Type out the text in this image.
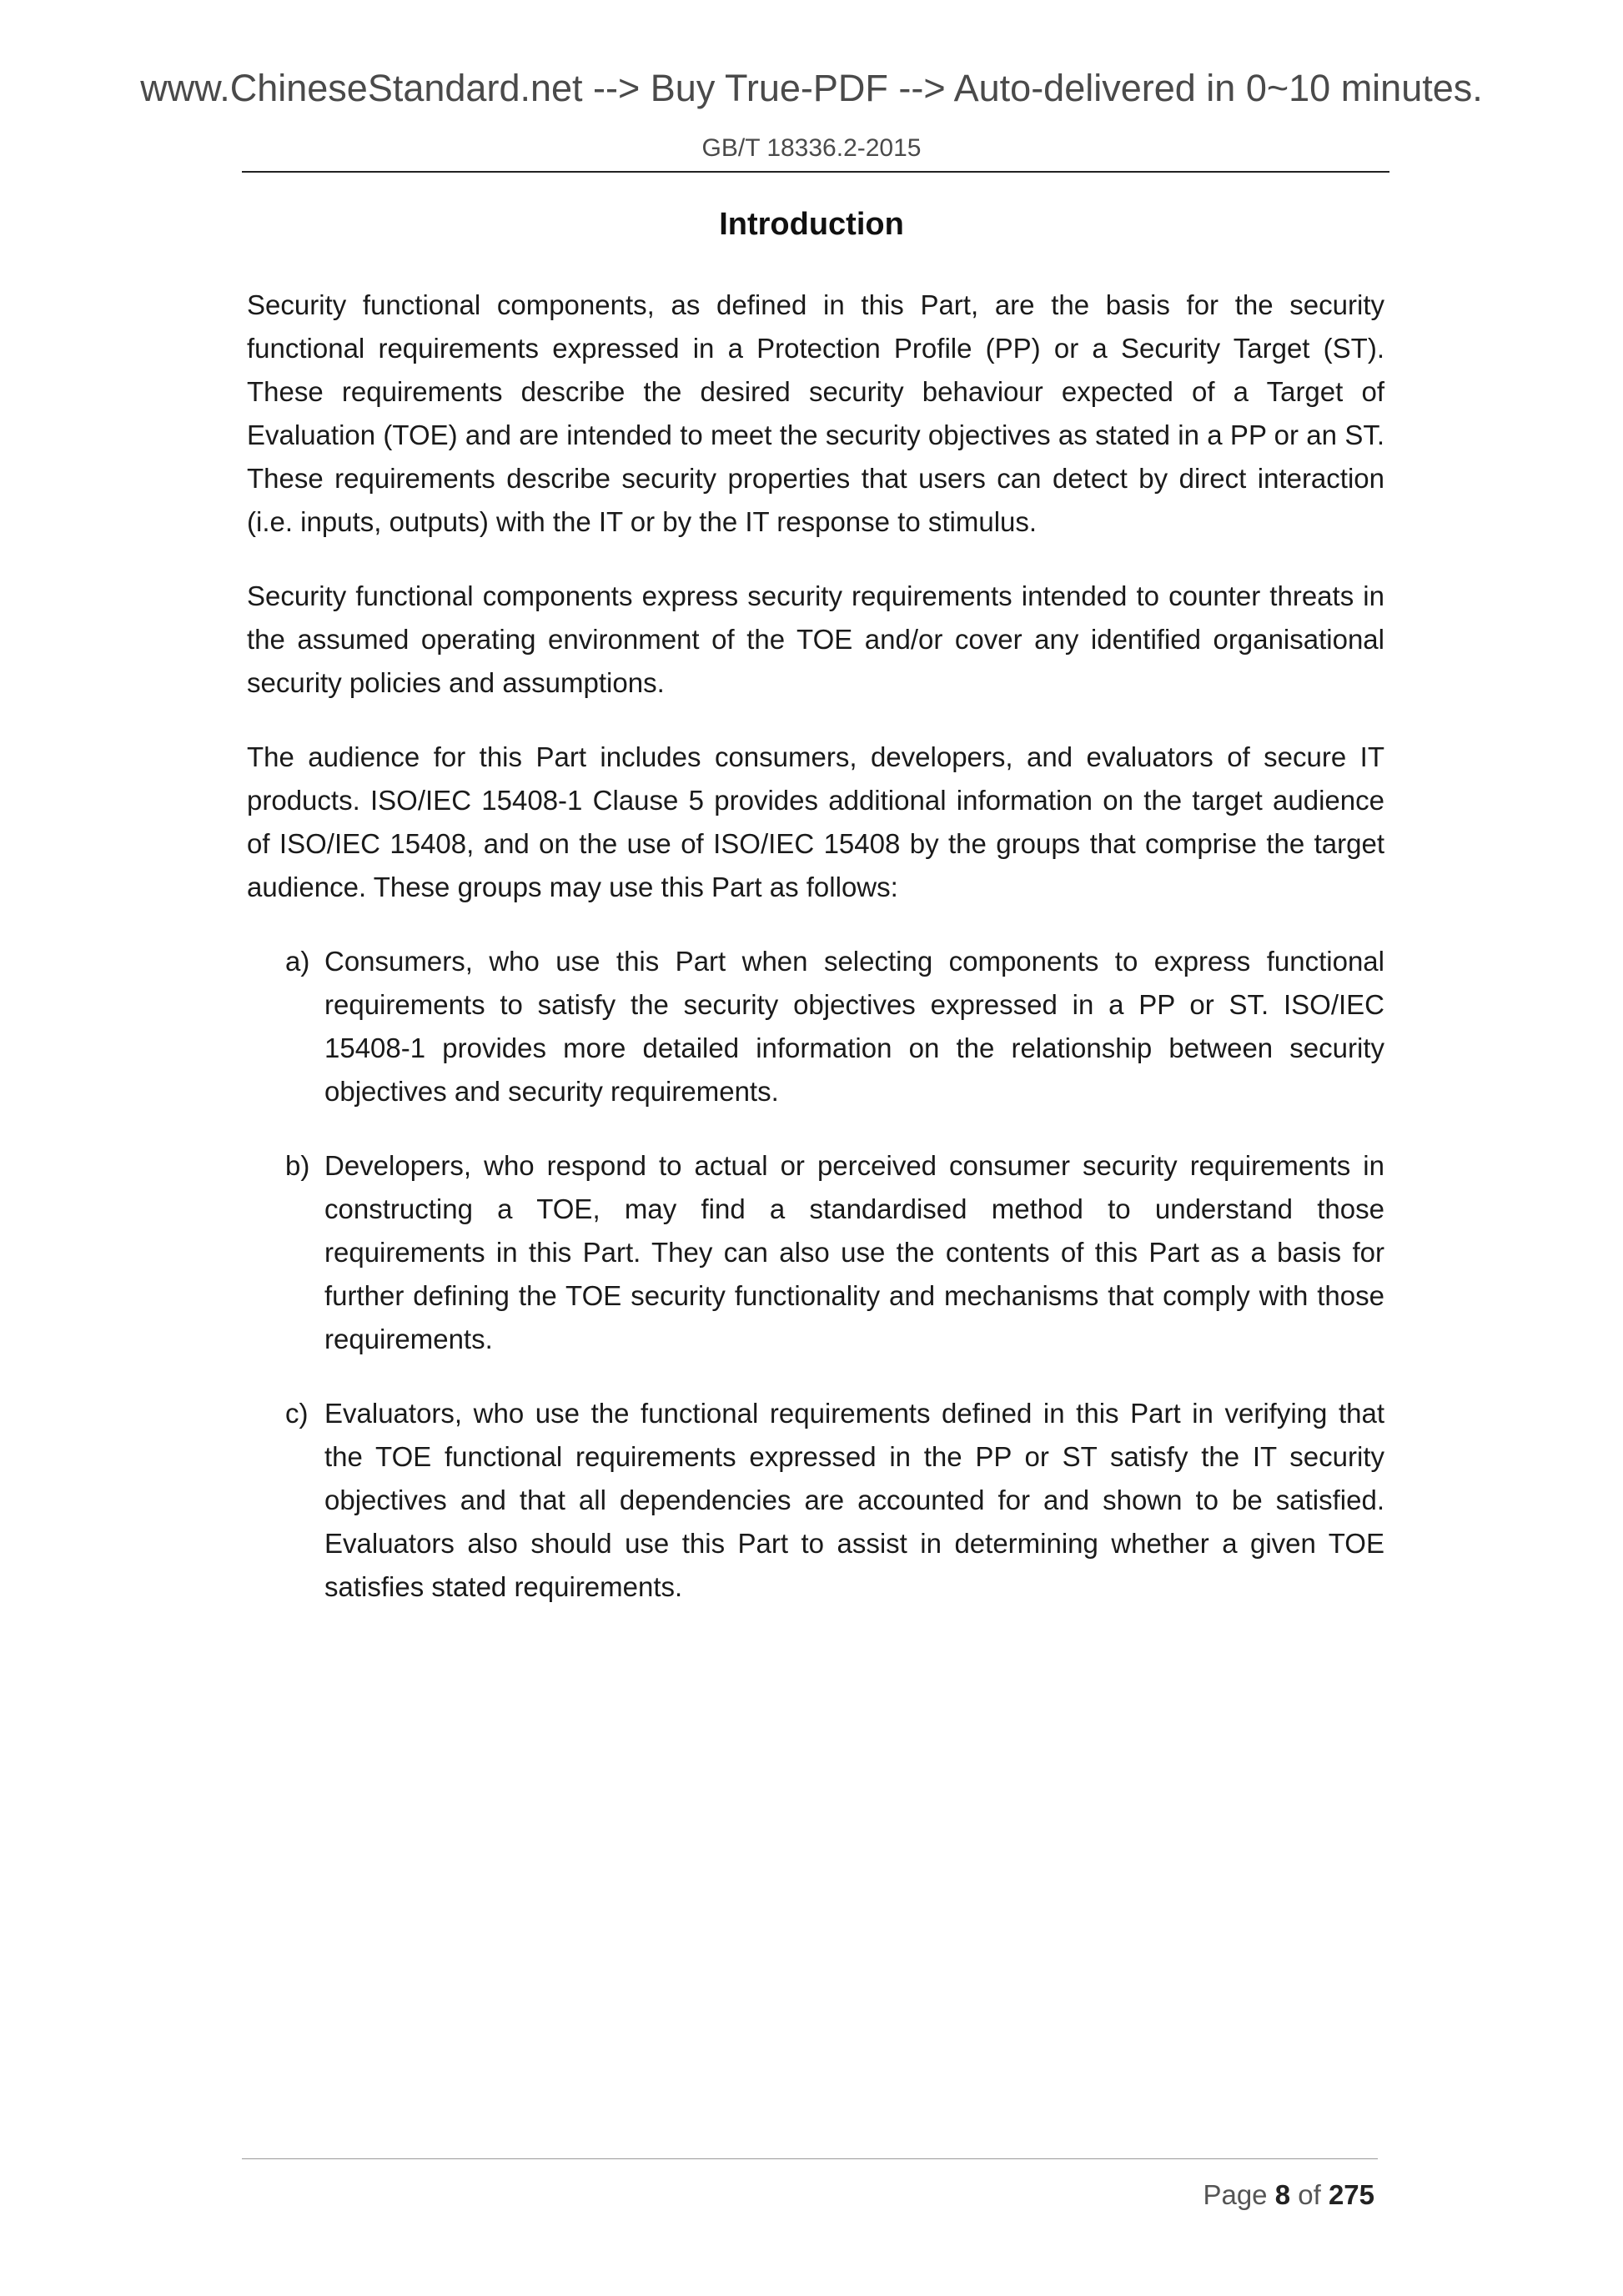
www.ChineseStandard.net --> Buy True-PDF --> Auto-delivered in 0~10 minutes.
GB/T 18336.2-2015
Introduction

Security functional components, as defined in this Part, are the basis for the security functional requirements expressed in a Protection Profile (PP) or a Security Target (ST). These requirements describe the desired security behaviour expected of a Target of Evaluation (TOE) and are intended to meet the security objectives as stated in a PP or an ST. These requirements describe security properties that users can detect by direct interaction (i.e. inputs, outputs) with the IT or by the IT response to stimulus.

Security functional components express security requirements intended to counter threats in the assumed operating environment of the TOE and/or cover any identified organisational security policies and assumptions.

The audience for this Part includes consumers, developers, and evaluators of secure IT products. ISO/IEC 15408-1 Clause 5 provides additional information on the target audience of ISO/IEC 15408, and on the use of ISO/IEC 15408 by the groups that comprise the target audience. These groups may use this Part as follows:

a) Consumers, who use this Part when selecting components to express functional requirements to satisfy the security objectives expressed in a PP or ST. ISO/IEC 15408-1 provides more detailed information on the relationship between security objectives and security requirements.
b) Developers, who respond to actual or perceived consumer security requirements in constructing a TOE, may find a standardised method to understand those requirements in this Part. They can also use the contents of this Part as a basis for further defining the TOE security functionality and mechanisms that comply with those requirements.
c) Evaluators, who use the functional requirements defined in this Part in verifying that the TOE functional requirements expressed in the PP or ST satisfy the IT security objectives and that all dependencies are accounted for and shown to be satisfied. Evaluators also should use this Part to assist in determining whether a given TOE satisfies stated requirements.
Page 8 of 275
